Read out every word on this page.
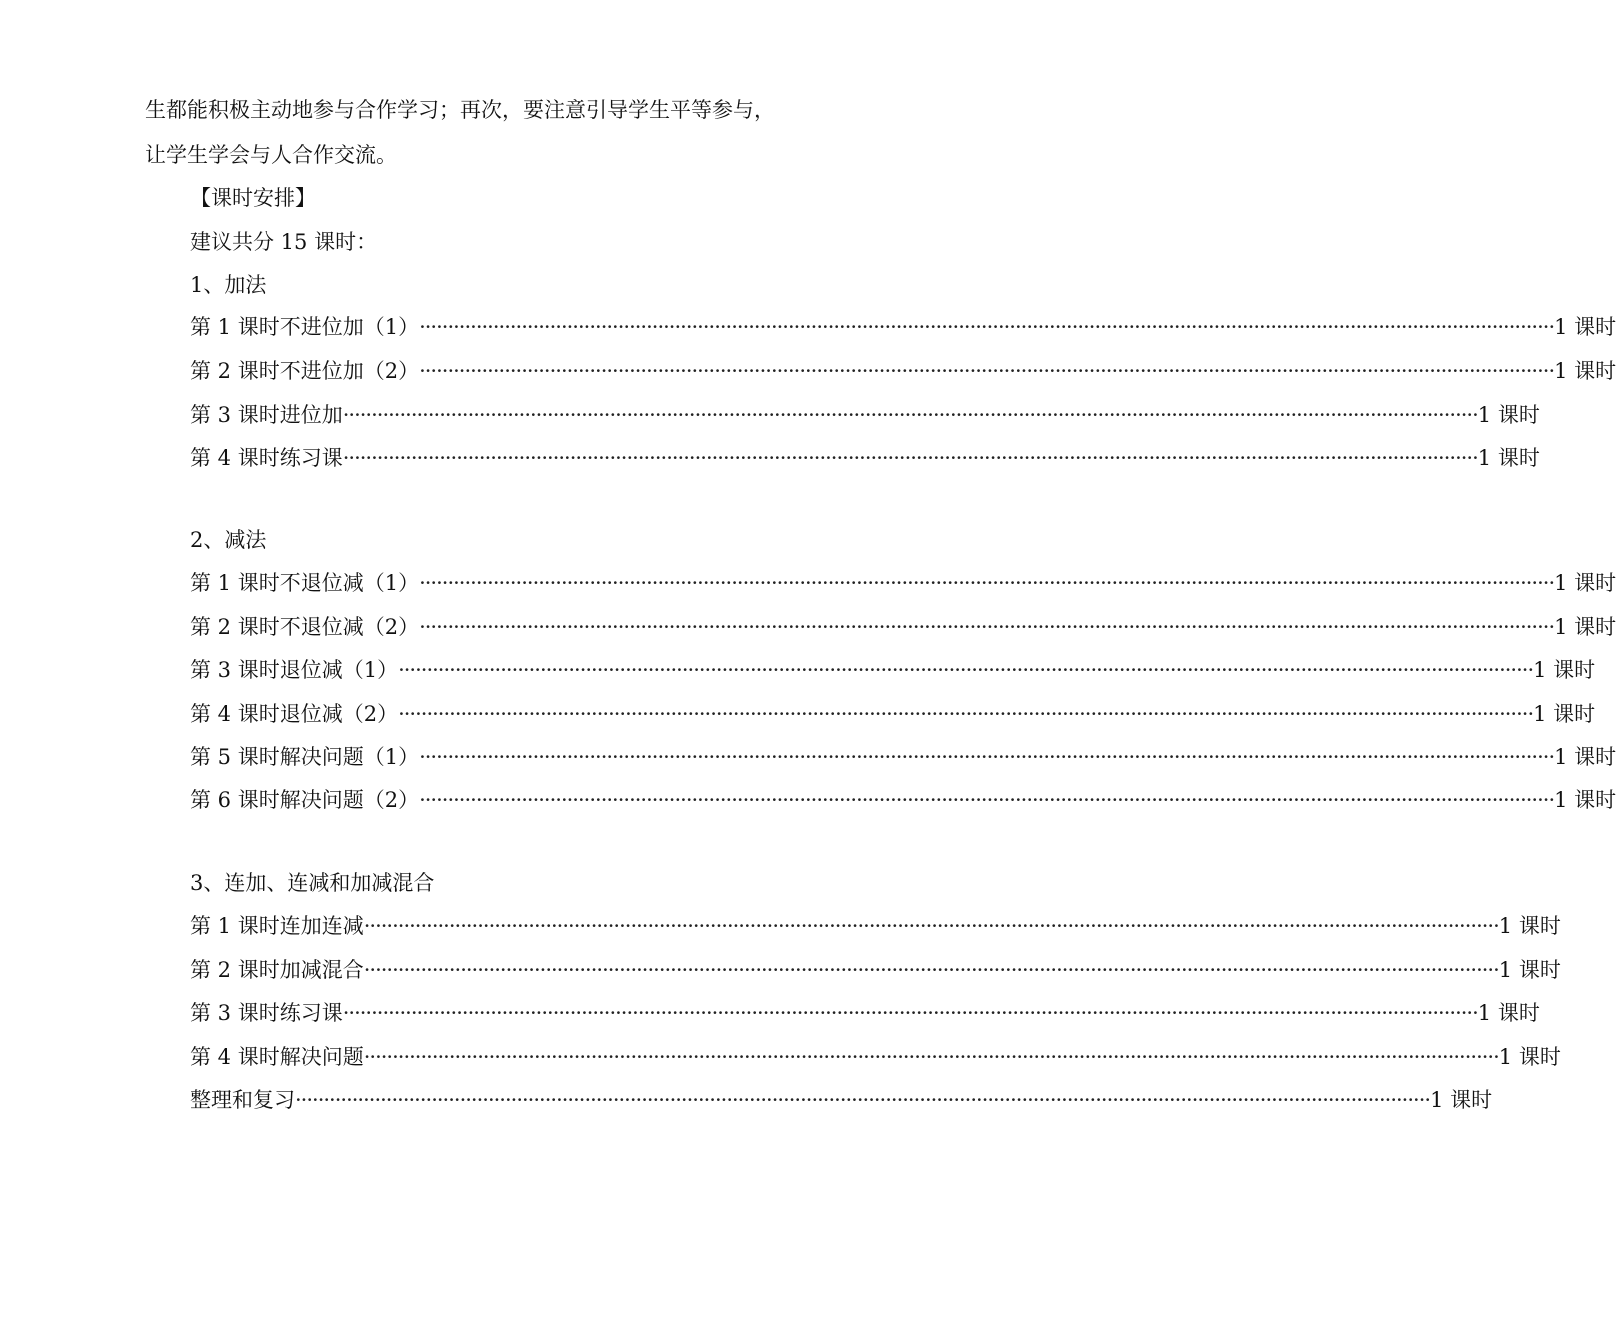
生都能积极主动地参与合作学习；再次，要注意引导学生平等参与，
让学生学会与人合作交流。
【课时安排】
建议共分 15 课时：
1、加法
第 1 课时不进位加（1） ········································································································································································································ 1 课时
第 2 课时不进位加（2） ········································································································································································································ 1 课时
第 3 课时进位加 ········································································································································································································ 1 课时
第 4 课时练习课 ········································································································································································································ 1 课时
2、减法
第 1 课时不退位减（1） ········································································································································································································ 1 课时
第 2 课时不退位减（2） ········································································································································································································ 1 课时
第 3 课时退位减（1） ········································································································································································································ 1 课时
第 4 课时退位减（2） ········································································································································································································ 1 课时
第 5 课时解决问题（1） ········································································································································································································ 1 课时
第 6 课时解决问题（2） ········································································································································································································ 1 课时
3、连加、连减和加减混合
第 1 课时连加连减 ········································································································································································································ 1 课时
第 2 课时加减混合 ········································································································································································································ 1 课时
第 3 课时练习课 ········································································································································································································ 1 课时
第 4 课时解决问题 ········································································································································································································ 1 课时
整理和复习 ········································································································································································································ 1 课时
